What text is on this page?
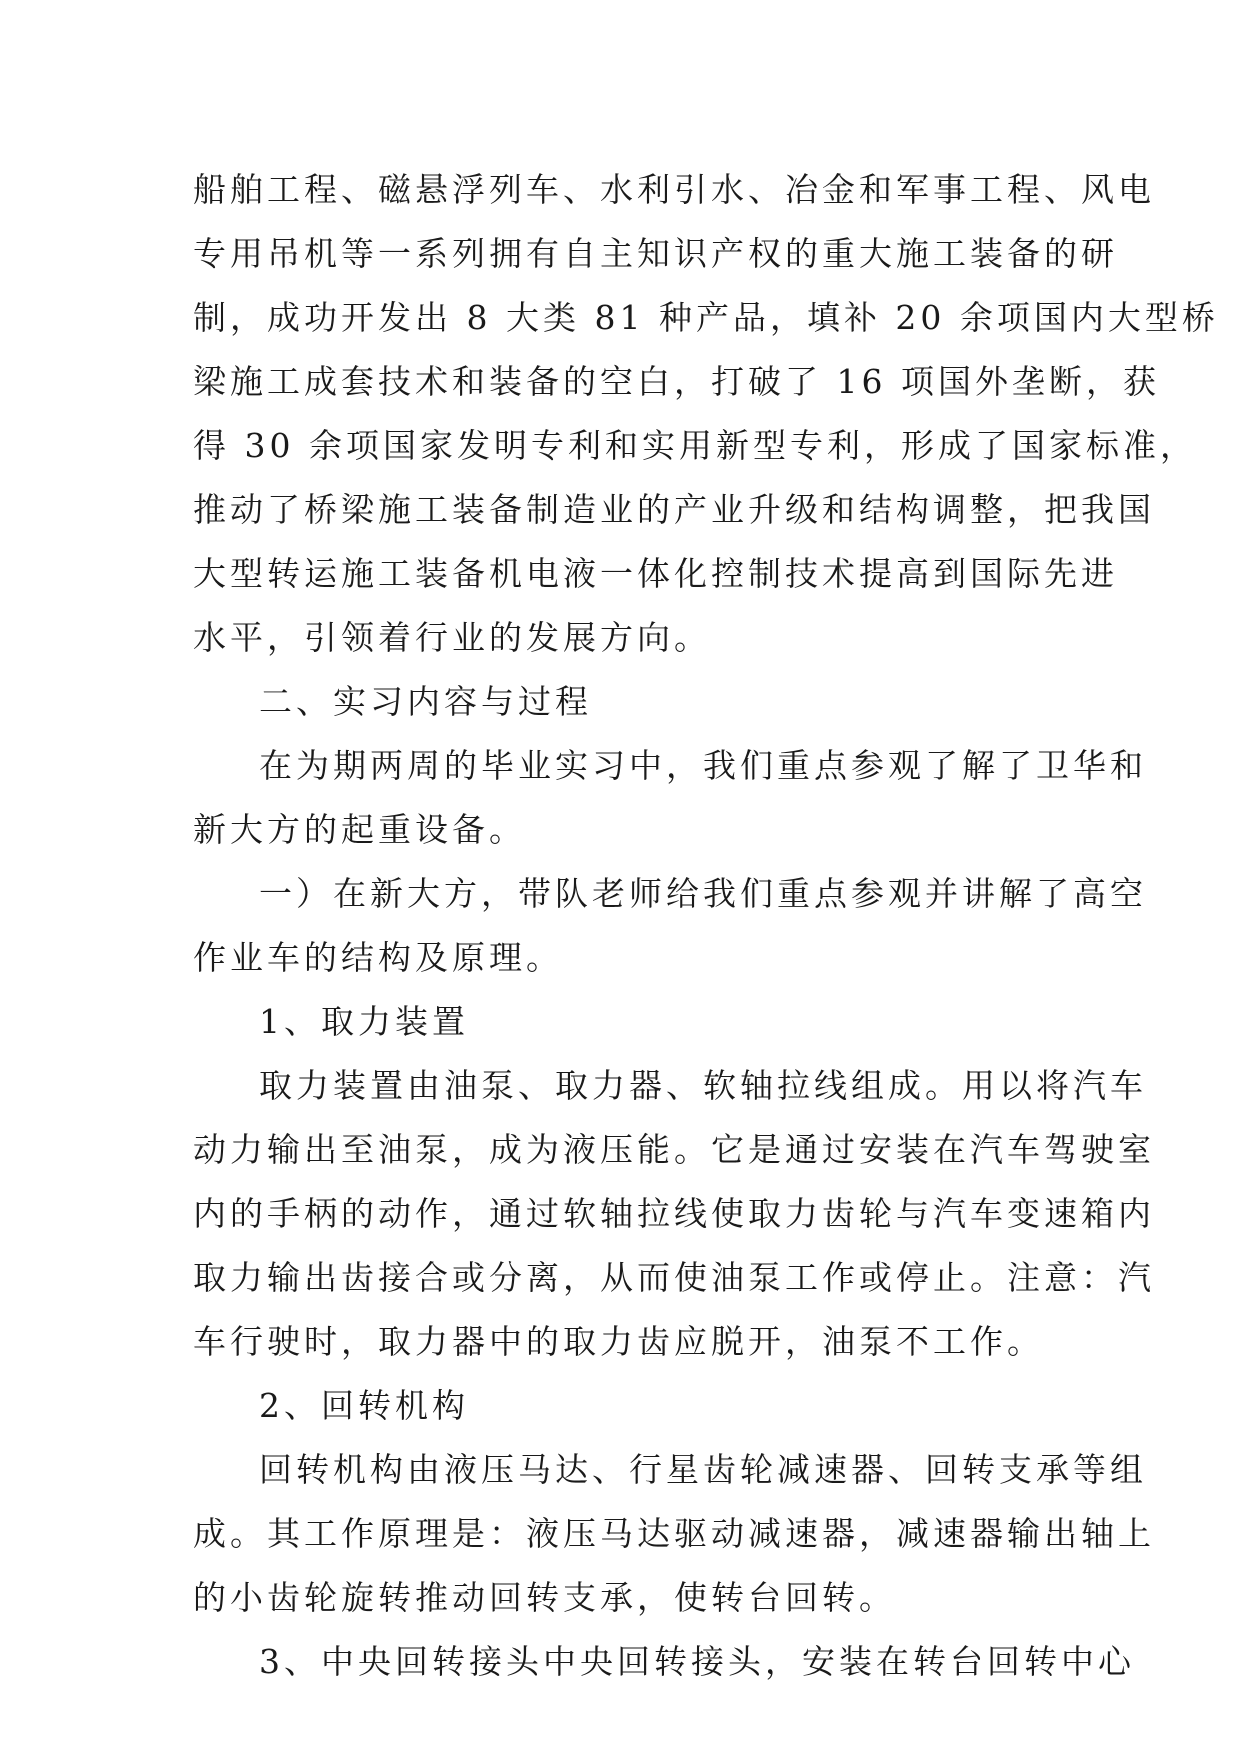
船舶工程、磁悬浮列车、水利引水、冶金和军事工程、风电
专用吊机等一系列拥有自主知识产权的重大施工装备的研
制，成功开发出 8 大类 81 种产品，填补 20 余项国内大型桥
梁施工成套技术和装备的空白，打破了 16 项国外垄断，获
得 30 余项国家发明专利和实用新型专利，形成了国家标准，
推动了桥梁施工装备制造业的产业升级和结构调整，把我国
大型转运施工装备机电液一体化控制技术提高到国际先进
水平，引领着行业的发展方向。
二、实习内容与过程
在为期两周的毕业实习中，我们重点参观了解了卫华和
新大方的起重设备。
一）在新大方，带队老师给我们重点参观并讲解了高空
作业车的结构及原理。
1、取力装置
取力装置由油泵、取力器、软轴拉线组成。用以将汽车
动力输出至油泵，成为液压能。它是通过安装在汽车驾驶室
内的手柄的动作，通过软轴拉线使取力齿轮与汽车变速箱内
取力输出齿接合或分离，从而使油泵工作或停止。注意：汽
车行驶时，取力器中的取力齿应脱开，油泵不工作。
2、回转机构
回转机构由液压马达、行星齿轮减速器、回转支承等组
成。其工作原理是：液压马达驱动减速器，减速器输出轴上
的小齿轮旋转推动回转支承，使转台回转。
3、中央回转接头中央回转接头，安装在转台回转中心
